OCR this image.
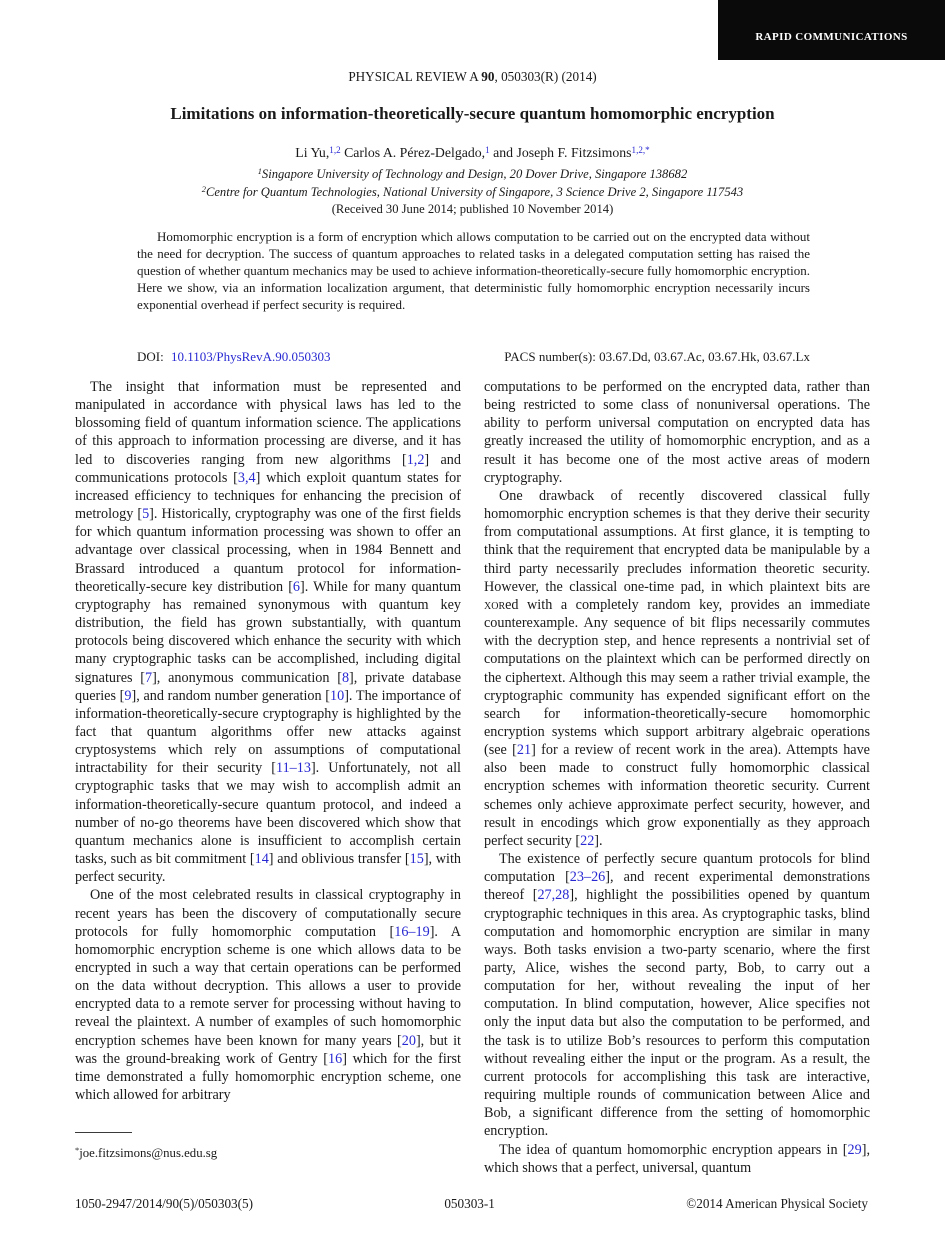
RAPID COMMUNICATIONS
PHYSICAL REVIEW A 90, 050303(R) (2014)
Limitations on information-theoretically-secure quantum homomorphic encryption
Li Yu,$^{1,2}$ Carlos A. Pérez-Delgado,$^1$ and Joseph F. Fitzsimons$^{1,2,*}$
$^1$Singapore University of Technology and Design, 20 Dover Drive, Singapore 138682
$^2$Centre for Quantum Technologies, National University of Singapore, 3 Science Drive 2, Singapore 117543
(Received 30 June 2014; published 10 November 2014)

Homomorphic encryption is a form of encryption which allows computation to be carried out on the encrypted data without the need for decryption. The success of quantum approaches to related tasks in a delegated computation setting has raised the question of whether quantum mechanics may be used to achieve information-theoretically-secure fully homomorphic encryption. Here we show, via an information localization argument, that deterministic fully homomorphic encryption necessarily incurs exponential overhead if perfect security is required.

DOI: 10.1103/PhysRevA.90.050303	PACS number(s): 03.67.Dd, 03.67.Ac, 03.67.Hk, 03.67.Lx

The insight that information must be represented and manipulated in accordance with physical laws has led to the blossoming field of quantum information science. The applications of this approach to information processing are diverse, and it has led to discoveries ranging from new algorithms [1,2] and communications protocols [3,4] which exploit quantum states for increased efficiency to techniques for enhancing the precision of metrology [5]. Historically, cryptography was one of the first fields for which quantum information processing was shown to offer an advantage over classical processing, when in 1984 Bennett and Brassard introduced a quantum protocol for information-theoretically-secure key distribution [6]. While for many quantum cryptography has remained synonymous with quantum key distribution, the field has grown substantially, with quantum protocols being discovered which enhance the security with which many cryptographic tasks can be accomplished, including digital signatures [7], anonymous communication [8], private database queries [9], and random number generation [10]. The importance of information-theoretically-secure cryptography is highlighted by the fact that quantum algorithms offer new attacks against cryptosystems which rely on assumptions of computational intractability for their security [11–13]. Unfortunately, not all cryptographic tasks that we may wish to accomplish admit an information-theoretically-secure quantum protocol, and indeed a number of no-go theorems have been discovered which show that quantum mechanics alone is insufficient to accomplish certain tasks, such as bit commitment [14] and oblivious transfer [15], with perfect security.

One of the most celebrated results in classical cryptography in recent years has been the discovery of computationally secure protocols for fully homomorphic computation [16–19]. A homomorphic encryption scheme is one which allows data to be encrypted in such a way that certain operations can be performed on the data without decryption. This allows a user to provide encrypted data to a remote server for processing without having to reveal the plaintext. A number of examples of such homomorphic encryption schemes have been known for many years [20], but it was the ground-breaking work of Gentry [16] which for the first time demonstrated a fully homomorphic encryption scheme, one which allowed for arbitrary

computations to be performed on the encrypted data, rather than being restricted to some class of nonuniversal operations. The ability to perform universal computation on encrypted data has greatly increased the utility of homomorphic encryption, and as a result it has become one of the most active areas of modern cryptography.

One drawback of recently discovered classical fully homomorphic encryption schemes is that they derive their security from computational assumptions. At first glance, it is tempting to think that the requirement that encrypted data be manipulable by a third party necessarily precludes information theoretic security. However, the classical one-time pad, in which plaintext bits are xored with a completely random key, provides an immediate counterexample. Any sequence of bit flips necessarily commutes with the decryption step, and hence represents a nontrivial set of computations on the plaintext which can be performed directly on the ciphertext. Although this may seem a rather trivial example, the cryptographic community has expended significant effort on the search for information-theoretically-secure homomorphic encryption systems which support arbitrary algebraic operations (see [21] for a review of recent work in the area). Attempts have also been made to construct fully homomorphic classical encryption schemes with information theoretic security. Current schemes only achieve approximate perfect security, however, and result in encodings which grow exponentially as they approach perfect security [22].

The existence of perfectly secure quantum protocols for blind computation [23–26], and recent experimental demonstrations thereof [27,28], highlight the possibilities opened by quantum cryptographic techniques in this area. As cryptographic tasks, blind computation and homomorphic encryption are similar in many ways. Both tasks envision a two-party scenario, where the first party, Alice, wishes the second party, Bob, to carry out a computation for her, without revealing the input of her computation. In blind computation, however, Alice specifies not only the input data but also the computation to be performed, and the task is to utilize Bob’s resources to perform this computation without revealing either the input or the program. As a result, the current protocols for accomplishing this task are interactive, requiring multiple rounds of communication between Alice and Bob, a significant difference from the setting of homomorphic encryption.

The idea of quantum homomorphic encryption appears in [29], which shows that a perfect, universal, quantum

*joe.fitzsimons@nus.edu.sg
1050-2947/2014/90(5)/050303(5)	050303-1	©2014 American Physical Society
